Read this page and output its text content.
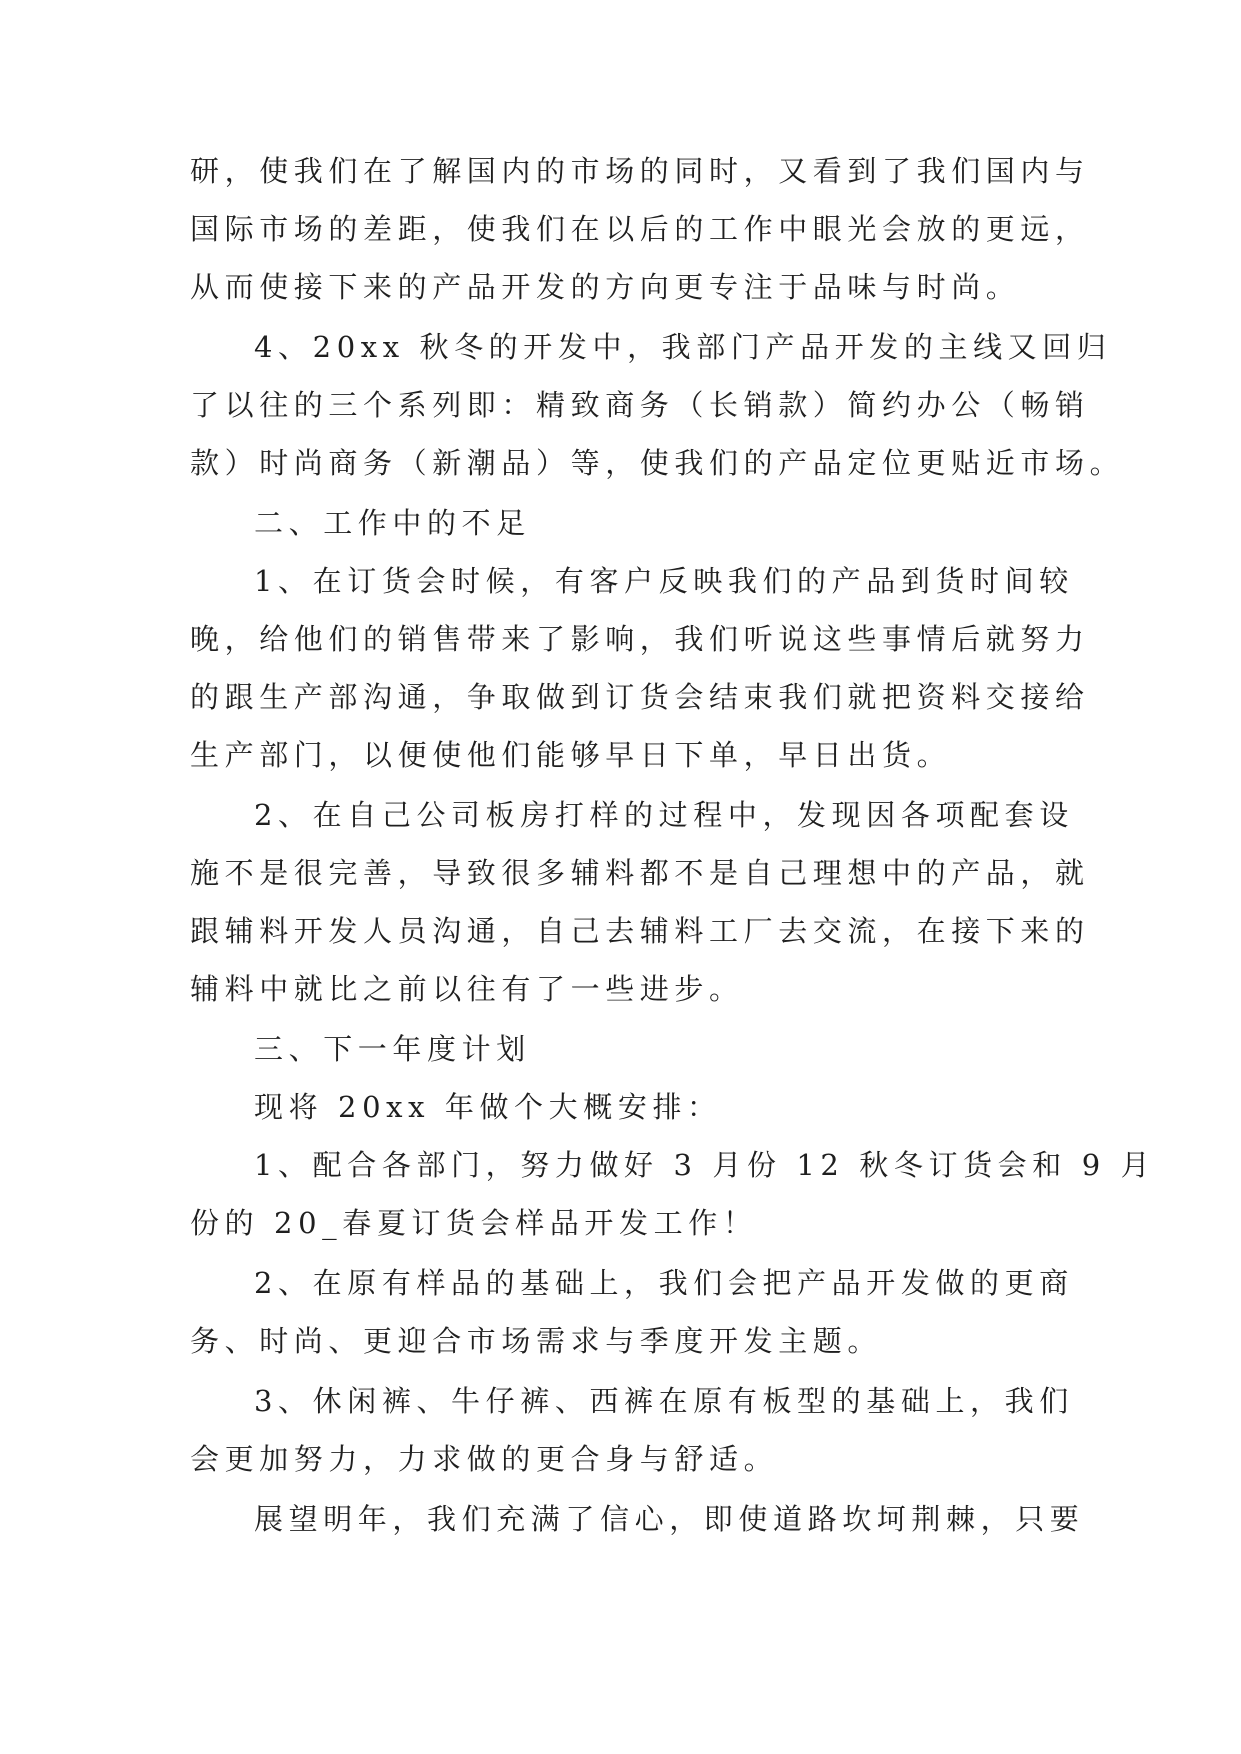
研，使我们在了解国内的市场的同时，又看到了我们国内与
国际市场的差距，使我们在以后的工作中眼光会放的更远，
从而使接下来的产品开发的方向更专注于品味与时尚。
4、20xx 秋冬的开发中，我部门产品开发的主线又回归
了以往的三个系列即：精致商务（长销款）简约办公（畅销
款）时尚商务（新潮品）等，使我们的产品定位更贴近市场。
二、工作中的不足
1、在订货会时候，有客户反映我们的产品到货时间较
晚，给他们的销售带来了影响，我们听说这些事情后就努力
的跟生产部沟通，争取做到订货会结束我们就把资料交接给
生产部门，以便使他们能够早日下单，早日出货。
2、在自己公司板房打样的过程中，发现因各项配套设
施不是很完善，导致很多辅料都不是自己理想中的产品，就
跟辅料开发人员沟通，自己去辅料工厂去交流，在接下来的
辅料中就比之前以往有了一些进步。
三、下一年度计划
现将 20xx 年做个大概安排：
1、配合各部门，努力做好 3 月份 12 秋冬订货会和 9 月
份的 20_春夏订货会样品开发工作！
2、在原有样品的基础上，我们会把产品开发做的更商
务、时尚、更迎合市场需求与季度开发主题。
3、休闲裤、牛仔裤、西裤在原有板型的基础上，我们
会更加努力，力求做的更合身与舒适。
展望明年，我们充满了信心，即使道路坎坷荆棘，只要
